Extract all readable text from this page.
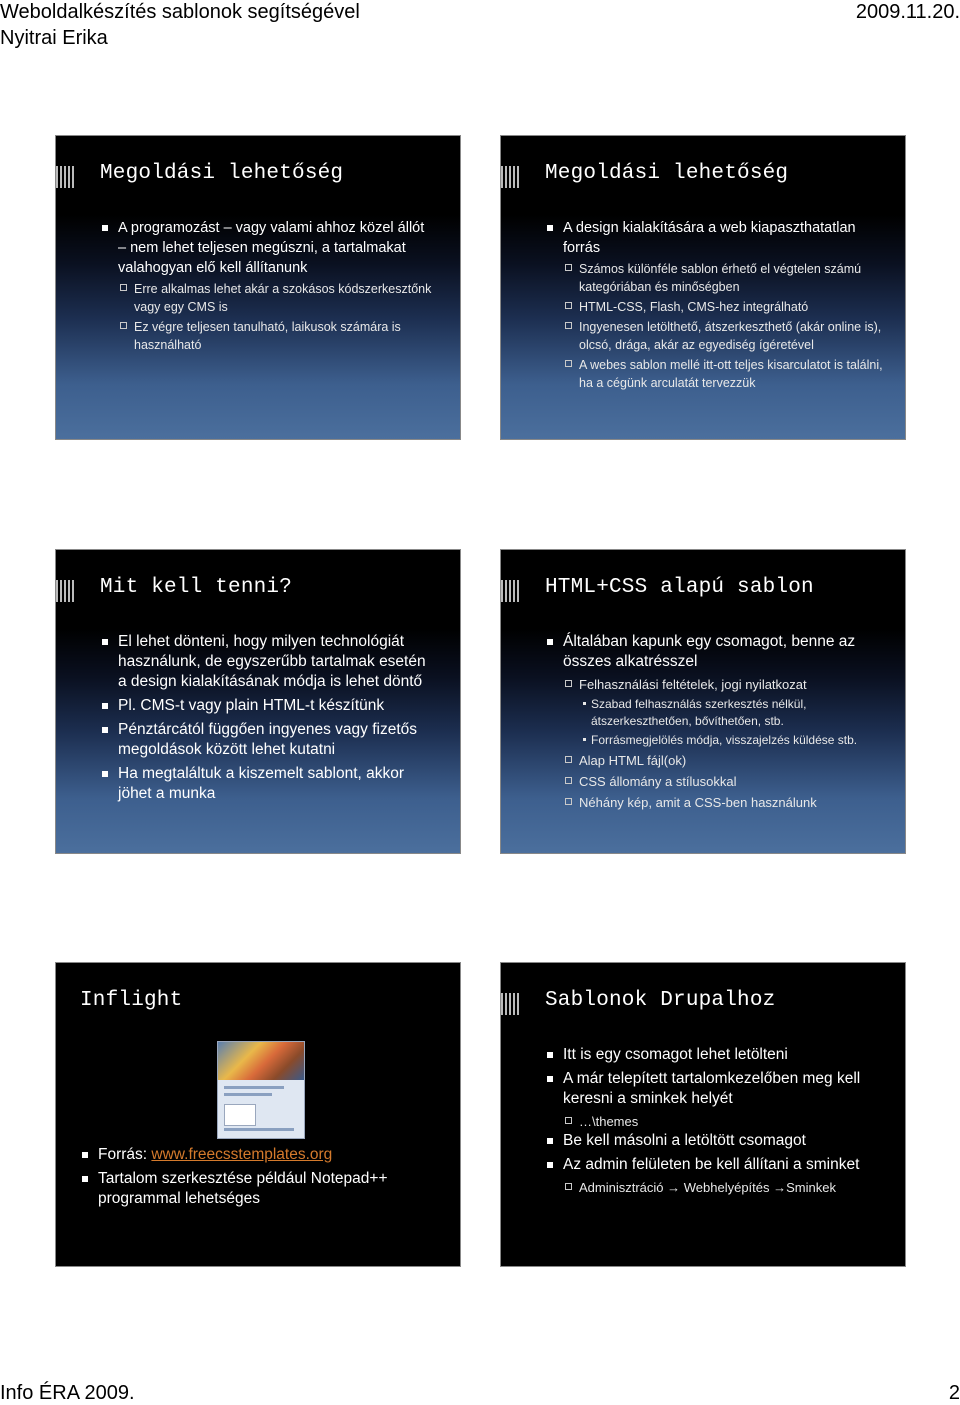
Weboldalkészítés sablonok segítségével	2009.11.20.
Nyitrai Erika
Megoldási lehetőség
A programozást – vagy valami ahhoz közel állót – nem lehet teljesen megúszni, a tartalmakat valahogyan elő kell állítanunk
Erre alkalmas lehet akár a szokásos kódszerkesztőnk vagy egy CMS is
Ez végre teljesen tanulható, laikusok számára is használható
Megoldási lehetőség
A design kialakítására a web kiapaszthatatlan forrás
Számos különféle sablon érhető el végtelen számú kategóriában és minőségben
HTML-CSS, Flash, CMS-hez integrálható
Ingyenesen letölthető, átszerkeszthető (akár online is), olcsó, drága, akár az egyediség ígéretével
A webes sablon mellé itt-ott teljes kisarculatot is találni, ha a cégünk arculatát tervezzük
Mit kell tenni?
El lehet dönteni, hogy milyen technológiát használunk, de egyszerűbb tartalmak esetén a design kialakításának módja is lehet döntő
Pl. CMS-t vagy plain HTML-t készítünk
Pénztárcától függően ingyenes vagy fizetős megoldások között lehet kutatni
Ha megtaláltuk a kiszemelt sablont, akkor jöhet a munka
HTML+CSS alapú sablon
Általában kapunk egy csomagot, benne az összes alkatrésszel
Felhasználási feltételek, jogi nyilatkozat
Szabad felhasználás szerkesztés nélkül, átszerkeszthetően, bővíthetően, stb.
Forrásmegjelölés módja, visszajelzés küldése stb.
Alap HTML fájl(ok)
CSS állomány a stílusokkal
Néhány kép, amit a CSS-ben használunk
Inflight
Forrás: www.freecsstemplates.org
Tartalom szerkesztése például Notepad++ programmal lehetséges
Sablonok Drupalhoz
Itt is egy csomagot lehet letölteni
A már telepített tartalomkezelőben meg kell keresni a sminkek helyét
…\themes
Be kell másolni a letöltött csomagot
Az admin felületen be kell állítani a sminket
Adminisztráció → Webhelyépítés →Sminkek
Info ÉRA 2009.	2
